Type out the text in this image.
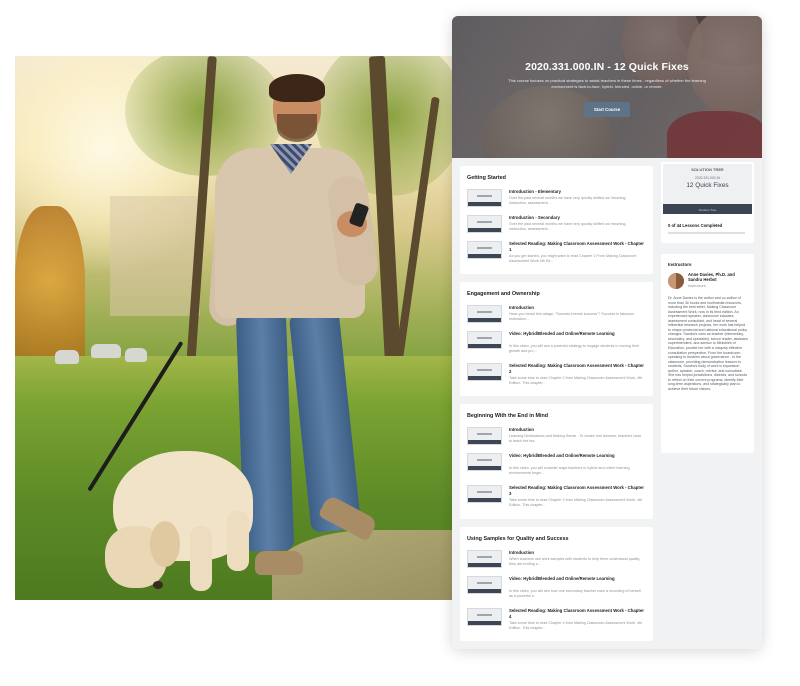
2020.331.000.IN - 12 Quick Fixes
This course focuses on practical strategies to assist teachers in these times - regardless of whether the learning environment is face-to-face, hybrid, blended, online, or remote.
Start Course
Getting Started
Introduction - Elementary
Over the past several months we have very quickly shifted our teaching, instruction, assessment...
Introduction - Secondary
Over the past several months we have very quickly shifted our teaching, instruction, assessment...
Selected Reading: Making Classroom Assessment Work - Chapter 1
As you get started, you might want to read Chapter 1 From Making Classroom Assessment Work 4th Ed...
Engagement and Ownership
Introduction
Have you heard this adage, "Success breeds success"? Success is fabulous motivation...
Video: Hybrid/Blended and Online/Remote Learning
In this video, you will see a powerful strategy to engage students in owning their growth and pro...
Selected Reading: Making Classroom Assessment Work - Chapter 2
Take some time to read Chapter 2 from Making Classroom Assessment Work, 4th Edition. This chapter...
Beginning With the End in Mind
Introduction
Learning Destinations and Making Sense - To create real learners, teachers have to teach the lea...
Video: Hybrid/Blended and Online/Remote Learning
In this video, you will consider ways teachers in hybrid and online learning environments begin...
Selected Reading: Making Classroom Assessment Work - Chapter 3
Take some time to read Chapter 3 from Making Classroom Assessment Work, 4th Edition. This chapter...
Using Samples for Quality and Success
Introduction
When teachers use work samples with students to help them understand quality, they are inviting s...
Video: Hybrid/Blended and Online/Remote Learning
In this video, you will see how one secondary teacher uses a recording of herself as a powerful e...
Selected Reading: Making Classroom Assessment Work - Chapter 4
Take some time to read Chapter 4 from Making Classroom Assessment Work, 4th Edition. This chapter...
SOLUTION TREE
2020.331.000.IN
12 Quick Fixes
Solution Tree
0 of 44 Lessons Completed
Instructors
Anne Davies, Ph.D. and Sandra Herbst
Instructors
Dr. Anne Davies is the author and co-author of more than 30 books and multimedia resources, including the best seller, Making Classroom Assessment Work, now in its third edition. An experienced speaker, classroom educator, assessment consultant, and head of several influential research projects, her work has helped to shape provincial and national educational policy changes. Sandra's roles as teacher (elementary, secondary, and specialist), school leader, assistant superintendent, and advisor to Ministries of Education, provide her with a uniquely effective consultation perspective. From the boardroom - speaking to trustees about governance - to the classroom, providing demonstration lessons to students, Sandra's body of work is expansive: author, speaker, coach, mentor, and consultant. She has helped jurisdictions, districts, and schools to reflect on their current programs, identify their long-term aspirations, and strategically plan to achieve their future visions.
